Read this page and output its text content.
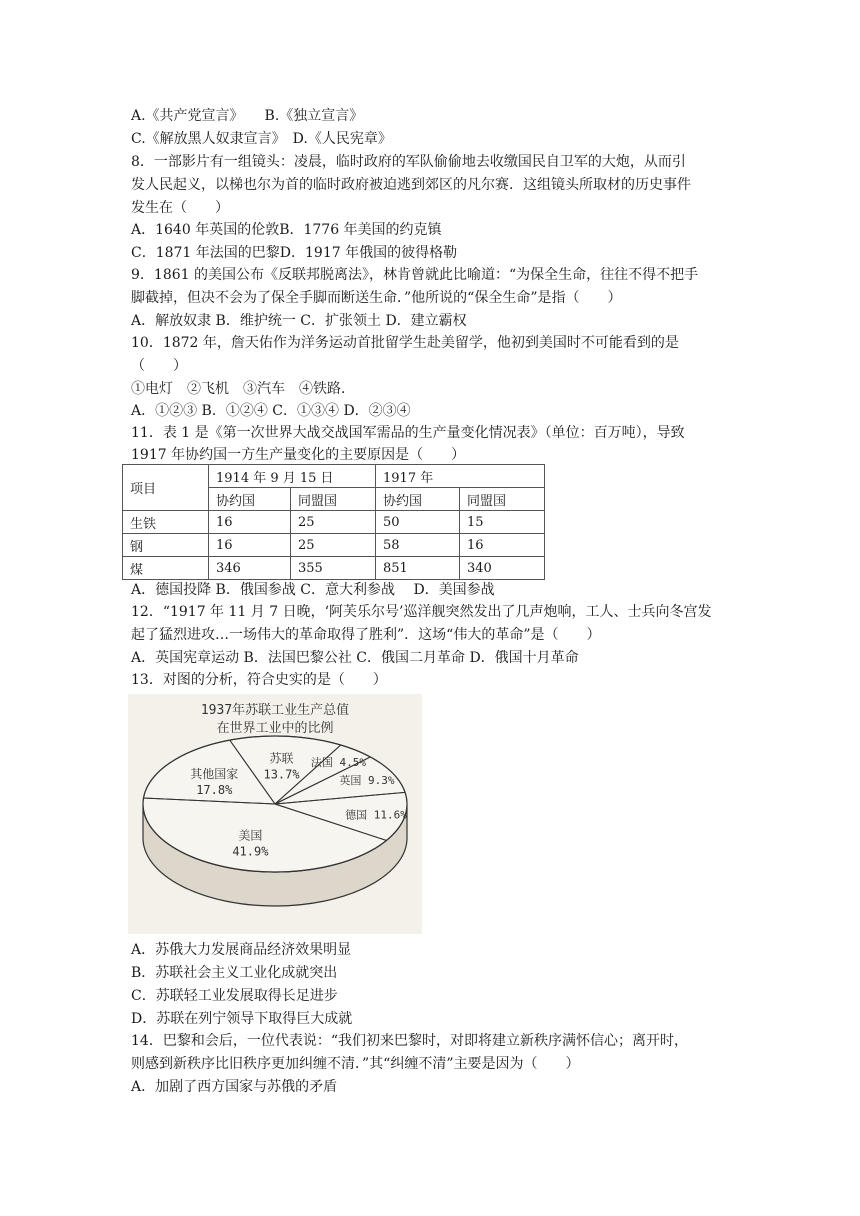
A.《共产党宣言》　　B.《独立宣言》
C.《解放黑人奴隶宣言》　D.《人民宪章》
8．一部影片有一组镜头：凌晨，临时政府的军队偷偷地去收缴国民自卫军的大炮，从而引
发人民起义，以梯也尔为首的临时政府被迫逃到郊区的凡尔赛．这组镜头所取材的历史事件
发生在（　　）
A．1640 年英国的伦敦B．1776 年美国的约克镇
C．1871 年法国的巴黎D．1917 年俄国的彼得格勒
9．1861 的美国公布《反联邦脱离法》，林肯曾就此比喻道：“为保全生命，往往不得不把手
脚截掉，但决不会为了保全手脚而断送生命．”他所说的“保全生命”是指（　　）
A．解放奴隶 B．维护统一 C．扩张领土 D．建立霸权
10．1872 年，詹天佑作为洋务运动首批留学生赴美留学，他初到美国时不可能看到的是
（　　）
①电灯　②飞机　③汽车　④铁路．
A．①②③ B．①②④ C．①③④ D．②③④
11．表 1 是《第一次世界大战交战国军需品的生产量变化情况表》（单位：百万吨），导致
1917 年协约国一方生产量变化的主要原因是（　　）
项目	1914 年 9 月 15 日		1917 年	
	协约国	同盟国	协约国	同盟国
生铁	16	25	50	15
钢	16	25	58	16
煤	346	355	851	340
A．德国投降 B．俄国参战 C．意大利参战　 D．美国参战
12．“1917 年 11 月 7 日晚，‘阿芙乐尔号’巡洋舰突然发出了几声炮响，工人、士兵向冬宫发
起了猛烈进攻…一场伟大的革命取得了胜利”．这场“伟大的革命”是（　　）
A．英国宪章运动 B．法国巴黎公社 C．俄国二月革命 D．俄国十月革命
13．对图的分析，符合史实的是（　　）
1937年苏联工业生产总值
在世界工业中的比例
苏联
13.7%
法国 4.5%
英国 9.3%
德国 11.6%
美国
41.9%
其他国家
17.8%
A．苏俄大力发展商品经济效果明显
B．苏联社会主义工业化成就突出
C．苏联轻工业发展取得长足进步
D．苏联在列宁领导下取得巨大成就
14．巴黎和会后，一位代表说：“我们初来巴黎时，对即将建立新秩序满怀信心；离开时，
则感到新秩序比旧秩序更加纠缠不清．”其“纠缠不清”主要是因为（　　）
A．加剧了西方国家与苏俄的矛盾
